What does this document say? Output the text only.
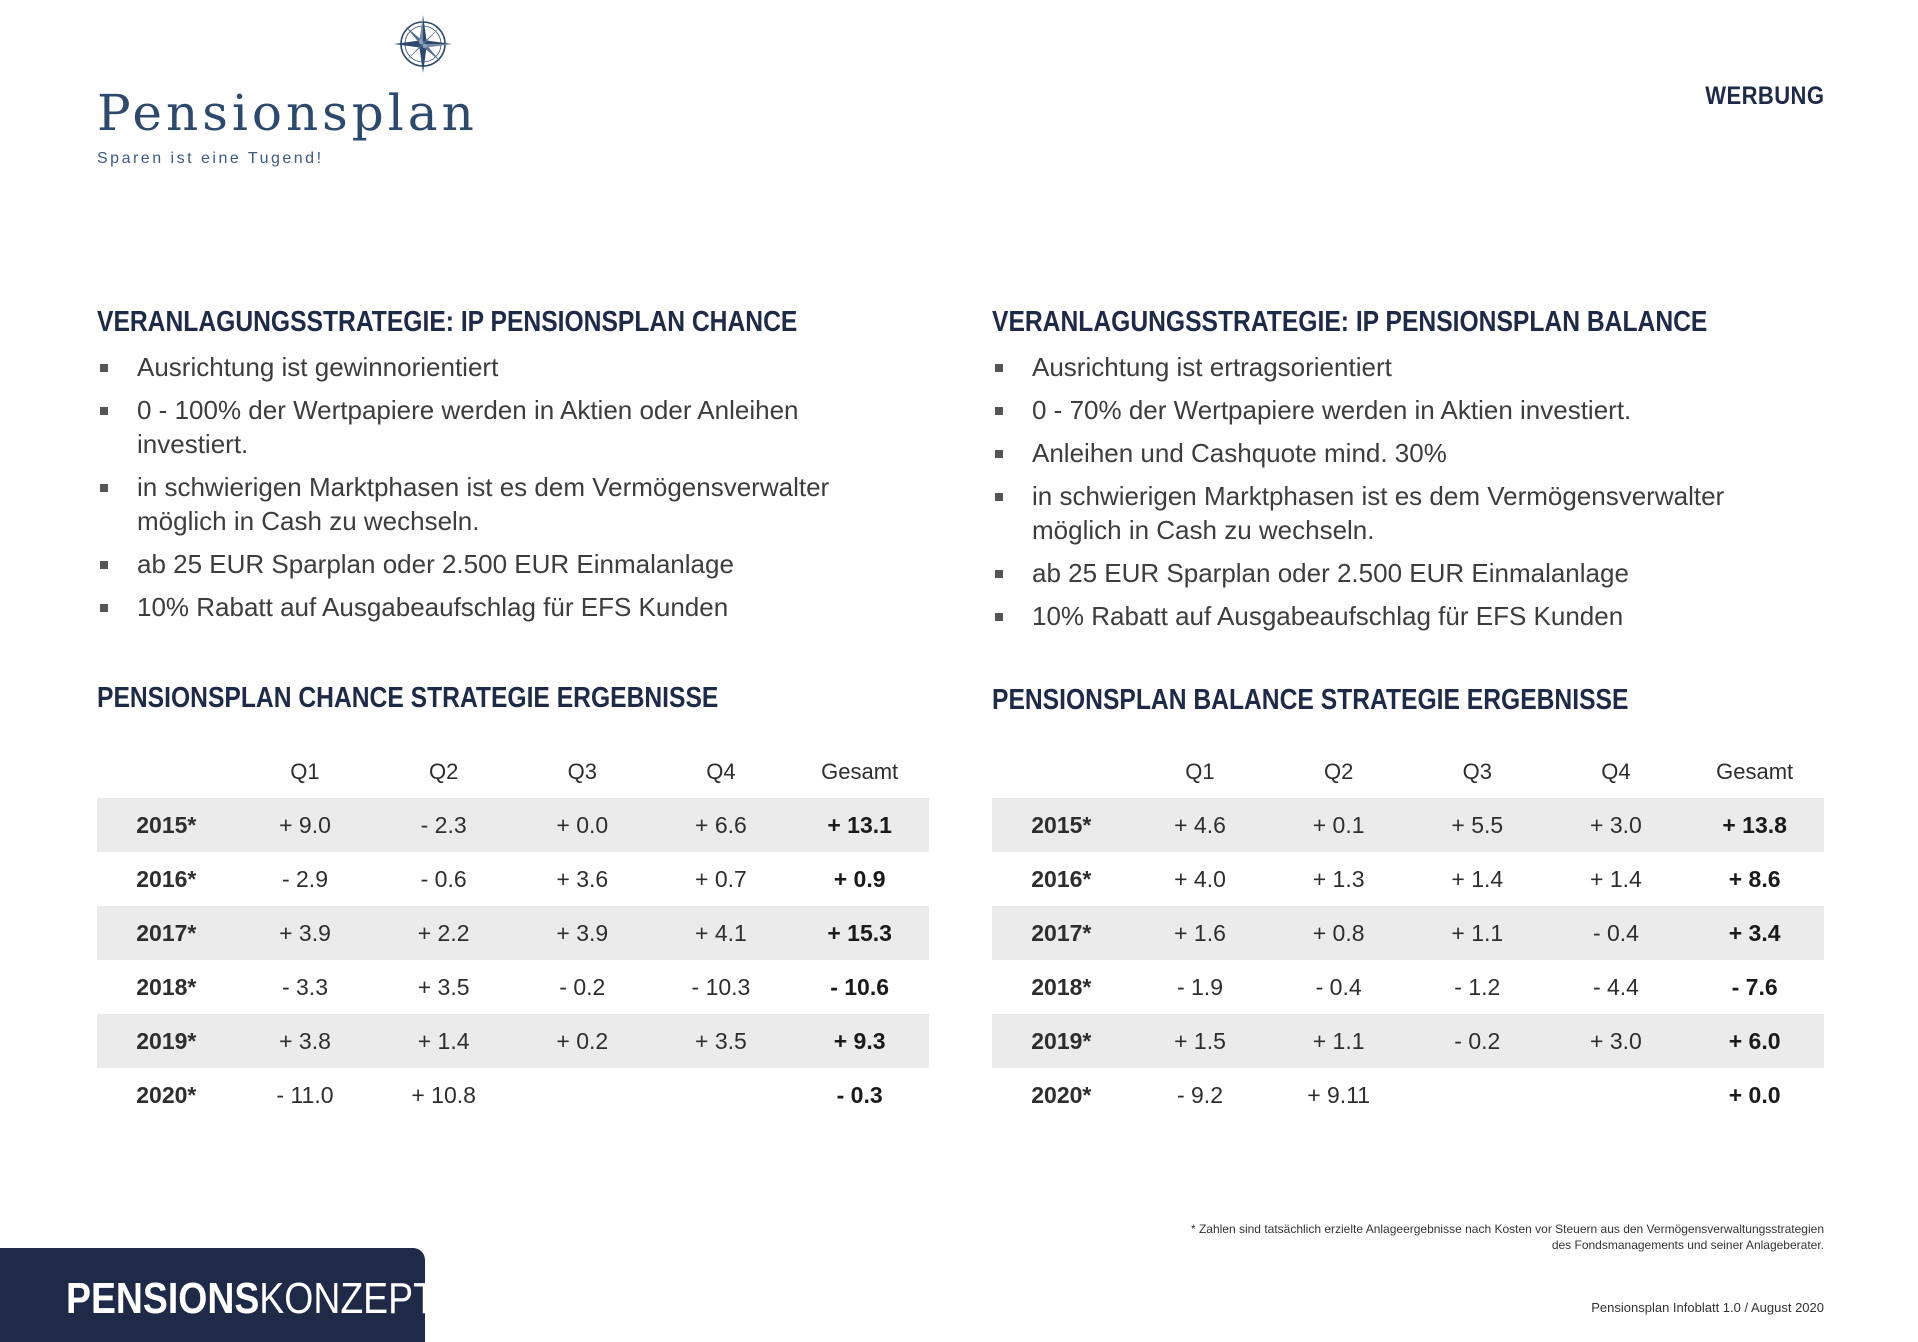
Pensionsplan
Sparen ist eine Tugend!
WERBUNG
VERANLAGUNGSSTRATEGIE: IP PENSIONSPLAN CHANCE
Ausrichtung ist gewinnorientiert
0 - 100% der Wertpapiere werden in Aktien oder Anleihen investiert.
in schwierigen Marktphasen ist es dem Vermögensverwalter möglich in Cash zu wechseln.
ab 25 EUR Sparplan oder 2.500 EUR Einmalanlage
10% Rabatt auf Ausgabeaufschlag für EFS Kunden
PENSIONSPLAN CHANCE STRATEGIE ERGEBNISSE
	Q1	Q2	Q3	Q4	Gesamt
2015*	+ 9.0	- 2.3	+ 0.0	+ 6.6	+ 13.1
2016*	- 2.9	- 0.6	+ 3.6	+ 0.7	+ 0.9
2017*	+ 3.9	+ 2.2	+ 3.9	+ 4.1	+ 15.3
2018*	- 3.3	+ 3.5	- 0.2	- 10.3	- 10.6
2019*	+ 3.8	+ 1.4	+ 0.2	+ 3.5	+ 9.3
2020*	- 11.0	+ 10.8			- 0.3
VERANLAGUNGSSTRATEGIE: IP PENSIONSPLAN BALANCE
Ausrichtung ist ertragsorientiert
0 - 70% der Wertpapiere werden in Aktien investiert.
Anleihen und Cashquote mind. 30%
in schwierigen Marktphasen ist es dem Vermögensverwalter möglich in Cash zu wechseln.
ab 25 EUR Sparplan oder 2.500 EUR Einmalanlage
10% Rabatt auf Ausgabeaufschlag für EFS Kunden
PENSIONSPLAN BALANCE STRATEGIE ERGEBNISSE
	Q1	Q2	Q3	Q4	Gesamt
2015*	+ 4.6	+ 0.1	+ 5.5	+ 3.0	+ 13.8
2016*	+ 4.0	+ 1.3	+ 1.4	+ 1.4	+ 8.6
2017*	+ 1.6	+ 0.8	+ 1.1	- 0.4	+ 3.4
2018*	- 1.9	- 0.4	- 1.2	- 4.4	- 7.6
2019*	+ 1.5	+ 1.1	- 0.2	+ 3.0	+ 6.0
2020*	- 9.2	+ 9.11			+ 0.0
* Zahlen sind tatsächlich erzielte Anlageergebnisse nach Kosten vor Steuern aus den Vermögensverwaltungsstrategien
des Fondsmanagements und seiner Anlageberater.
PENSIONSKONZEPT	Pensionsplan Infoblatt 1.0 / August 2020
